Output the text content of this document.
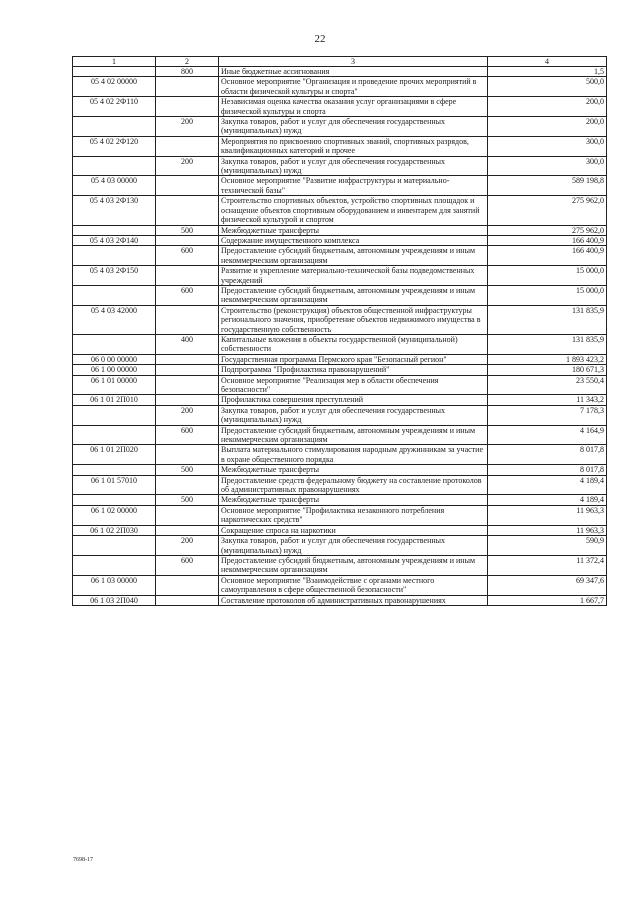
22
1	2	3	4
	800	Иные бюджетные ассигнования	1,5
05 4 02 00000		Основное мероприятие "Организация и проведение прочих мероприятий в области физической культуры и спорта"	500,0
05 4 02 2Ф110		Независимая оценка качества оказания услуг организациями в сфере физической культуры и спорта	200,0
	200	Закупка товаров, работ и услуг для обеспечения государственных (муниципальных) нужд	200,0
05 4 02 2Ф120		Мероприятия по присвоению спортивных званий, спортивных разрядов, квалификационных категорий и прочее	300,0
	200	Закупка товаров, работ и услуг для обеспечения государственных (муниципальных) нужд	300,0
05 4 03 00000		Основное мероприятие "Развитие инфраструктуры и материально-технической базы"	589 198,8
05 4 03 2Ф130		Строительство спортивных объектов, устройство спортивных площадок и оснащение объектов спортивным оборудованием и инвентарем для занятий физической культурой и спортом	275 962,0
	500	Межбюджетные трансферты	275 962,0
05 4 03 2Ф140		Содержание имущественного комплекса	166 400,9
	600	Предоставление субсидий бюджетным, автономным учреждениям и иным некоммерческим организациям	166 400,9
05 4 03 2Ф150		Развитие и укрепление материально-технической базы подведомственных учреждений	15 000,0
	600	Предоставление субсидий бюджетным, автономным учреждениям и иным некоммерческим организациям	15 000,0
05 4 03 42000		Строительство (реконструкция) объектов общественной инфраструктуры регионального значения, приобретение объектов недвижимого имущества в государственную собственность	131 835,9
	400	Капитальные вложения в объекты государственной (муниципальной) собственности	131 835,9
06 0 00 00000		Государственная программа Пермского края "Безопасный регион"	1 893 423,2
06 1 00 00000		Подпрограмма "Профилактика правонарушений"	180 671,3
06 1 01 00000		Основное мероприятие "Реализация мер в области обеспечения безопасности"	23 550,4
06 1 01 2П010		Профилактика совершения преступлений	11 343,2
	200	Закупка товаров, работ и услуг для обеспечения государственных (муниципальных) нужд	7 178,3
	600	Предоставление субсидий бюджетным, автономным учреждениям и иным некоммерческим организациям	4 164,9
06 1 01 2П020		Выплата материального стимулирования народным дружинникам за участие в охране общественного порядка	8 017,8
	500	Межбюджетные трансферты	8 017,8
06 1 01 57010		Предоставление средств федеральному бюджету на составление протоколов об административных правонарушениях	4 189,4
	500	Межбюджетные трансферты	4 189,4
06 1 02 00000		Основное мероприятие "Профилактика незаконного потребления наркотических средств"	11 963,3
06 1 02 2П030		Сокращение спроса на наркотики	11 963,3
	200	Закупка товаров, работ и услуг для обеспечения государственных (муниципальных) нужд	590,9
	600	Предоставление субсидий бюджетным, автономным учреждениям и иным некоммерческим организациям	11 372,4
06 1 03 00000		Основное мероприятие "Взаимодействие с органами местного самоуправления в сфере общественной безопасности"	69 347,6
06 1 03 2П040		Составление протоколов об административных правонарушениях	1 667,7
7698-17
